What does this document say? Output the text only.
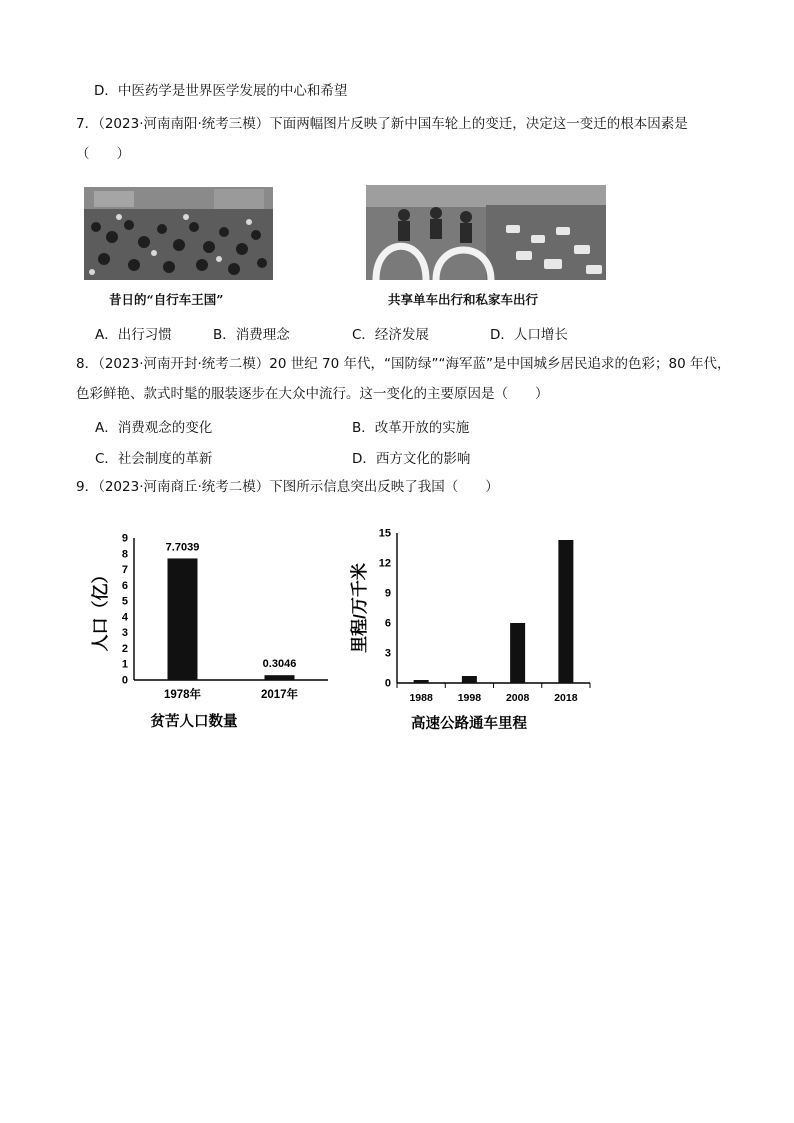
D．中医药学是世界医学发展的中心和希望
7．（2023·河南南阳·统考三模）下面两幅图片反映了新中国车轮上的变迁，决定这一变迁的根本因素是
（　　）
昔日的“自行车王国”	共享单车出行和私家车出行
A．出行习惯	B．消费理念	C．经济发展	D．人口增长
8．（2023·河南开封·统考二模）20 世纪 70 年代，“国防绿”“海军蓝”是中国城乡居民追求的色彩；80 年代，
色彩鲜艳、款式时髦的服装逐步在大众中流行。这一变化的主要原因是（　　）
A．消费观念的变化	B．改革开放的实施
C．社会制度的革新	D．西方文化的影响
9．（2023·河南商丘·统考二模）下图所示信息突出反映了我国（　　）
0
1
2
3
4
5
6
7
8
9
1978年
7.7039
2017年
0.3046
人口（亿）
贫苦人口数量
0
3
6
9
12
15
1988 1998 2008 2018
里程/万千米
高速公路通车里程
